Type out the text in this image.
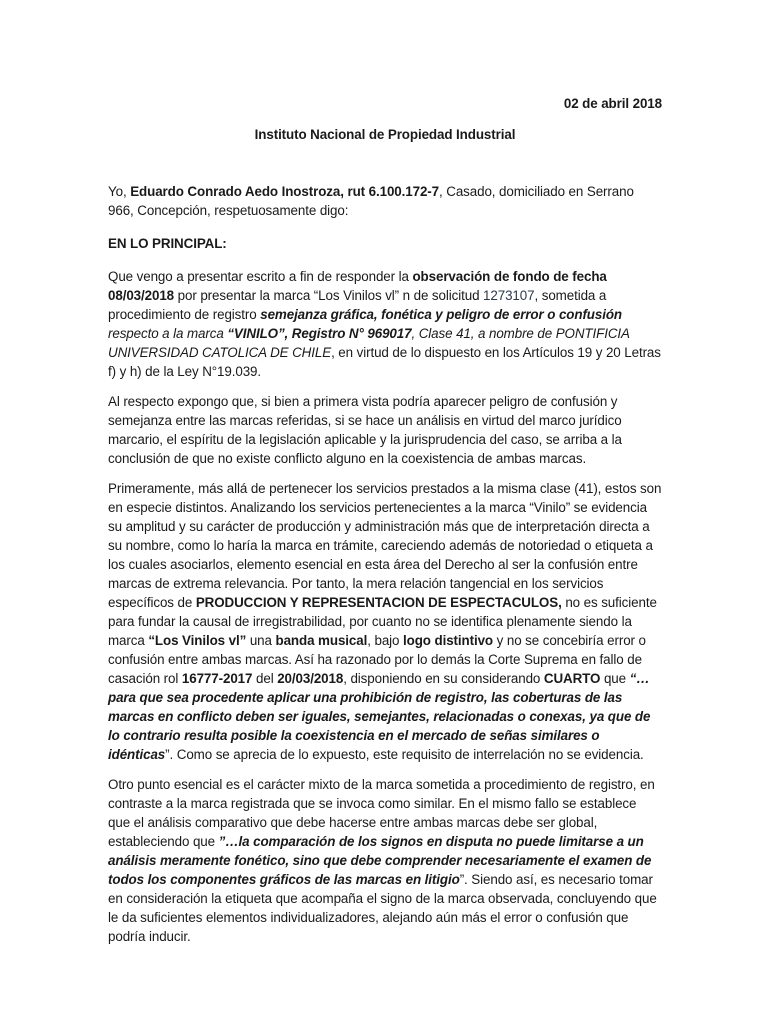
02 de abril 2018
Instituto Nacional de Propiedad Industrial

Yo, Eduardo Conrado Aedo Inostroza, rut 6.100.172-7, Casado, domiciliado en Serrano 966, Concepción, respetuosamente digo:

EN LO PRINCIPAL:

Que vengo a presentar escrito a fin de responder la observación de fondo de fecha 08/03/2018 por presentar la marca “Los Vinilos vl” n de solicitud 1273107, sometida a procedimiento de registro semejanza gráfica, fonética y peligro de error o confusión respecto a la marca “VINILO”, Registro N° 969017, Clase 41, a nombre de PONTIFICIA UNIVERSIDAD CATOLICA DE CHILE, en virtud de lo dispuesto en los Artículos 19 y 20 Letras f) y h) de la Ley N°19.039.

Al respecto expongo que, si bien a primera vista podría aparecer peligro de confusión y semejanza entre las marcas referidas, si se hace un análisis en virtud del marco jurídico marcario, el espíritu de la legislación aplicable y la jurisprudencia del caso, se arriba a la conclusión de que no existe conflicto alguno en la coexistencia de ambas marcas.

Primeramente, más allá de pertenecer los servicios prestados a la misma clase (41), estos son en especie distintos. Analizando los servicios pertenecientes a la marca “Vinilo” se evidencia su amplitud y su carácter de producción y administración más que de interpretación directa a su nombre, como lo haría la marca en trámite, careciendo además de notoriedad o etiqueta a los cuales asociarlos, elemento esencial en esta área del Derecho al ser la confusión entre marcas de extrema relevancia. Por tanto, la mera relación tangencial en los servicios específicos de PRODUCCION Y REPRESENTACION DE ESPECTACULOS, no es suficiente para fundar la causal de irregistrabilidad, por cuanto no se identifica plenamente siendo la marca “Los Vinilos vl” una banda musical, bajo logo distintivo y no se concebiría error o confusión entre ambas marcas. Así ha razonado por lo demás la Corte Suprema en fallo de casación rol 16777-2017 del 20/03/2018, disponiendo en su considerando CUARTO que “… para que sea procedente aplicar una prohibición de registro, las coberturas de las marcas en conflicto deben ser iguales, semejantes, relacionadas o conexas, ya que de lo contrario resulta posible la coexistencia en el mercado de señas similares o idénticas”. Como se aprecia de lo expuesto, este requisito de interrelación no se evidencia.

Otro punto esencial es el carácter mixto de la marca sometida a procedimiento de registro, en contraste a la marca registrada que se invoca como similar. En el mismo fallo se establece que el análisis comparativo que debe hacerse entre ambas marcas debe ser global, estableciendo que ”…la comparación de los signos en disputa no puede limitarse a un análisis meramente fonético, sino que debe comprender necesariamente el examen de todos los componentes gráficos de las marcas en litigio”. Siendo así, es necesario tomar en consideración la etiqueta que acompaña el signo de la marca observada, concluyendo que le da suficientes elementos individualizadores, alejando aún más el error o confusión que podría inducir.
